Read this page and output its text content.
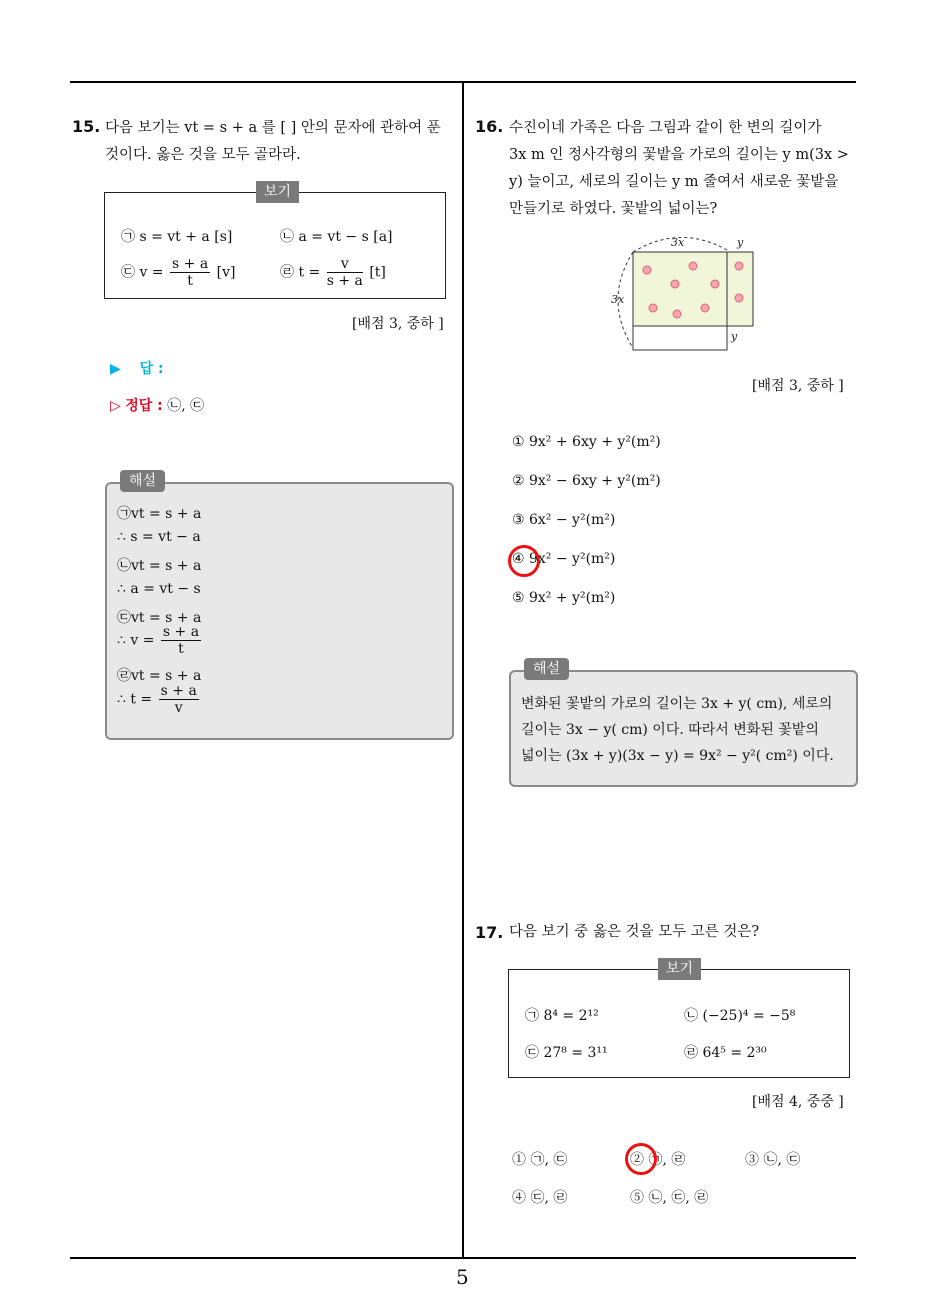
5
15. 다음 보기는 vt = s + a 를 [ ] 안의 문자에 관하여 푼
것이다. 옳은 것을 모두 골라라.
보기
㉠ s = vt + a [s]	㉡ a = vt − s [a]
㉢ $v = \frac{s + a}{t} [v]$	㉣ $t = \frac{v}{s + a} [t]$
[배점 3, 중하 ]
▶ 답 :
▷ 정답 : ㉡, ㉢
해설
㉠vt = s + a
∴ s = vt − a
㉡vt = s + a
∴ a = vt − s
㉢vt = s + a
∴ $v = \frac{s + a}{t}$
㉣vt = s + a
∴ $t = \frac{s + a}{v}$
16. 수진이네 가족은 다음 그림과 같이 한 변의 길이가
3x m 인 정사각형의 꽃밭을 가로의 길이는 y m(3x >
y) 늘이고, 세로의 길이는 y m 줄여서 새로운 꽃밭을
만들기로 하였다. 꽃밭의 넓이는?
3x	y
3x
y
[배점 3, 중하 ]
① 9x² + 6xy + y²(m²)
② 9x² − 6xy + y²(m²)
③ 6x² − y²(m²)
④ 9x² − y²(m²)
⑤ 9x² + y²(m²)
해설
변화된 꽃밭의 가로의 길이는 3x + y( cm), 세로의
길이는 3x − y( cm) 이다. 따라서 변화된 꽃밭의
넓이는 (3x + y)(3x − y) = 9x² − y²( cm²) 이다.
17. 다음 보기 중 옳은 것을 모두 고른 것은?
보기
㉠ 8⁴ = 2¹²	㉡ (−25)⁴ = −5⁸
㉢ 27⁸ = 3¹¹	㉣ 64⁵ = 2³⁰
[배점 4, 중중 ]
① ㉠, ㉢	② ㉠, ㉣	③ ㉡, ㉢
④ ㉢, ㉣	⑤ ㉡, ㉢, ㉣
